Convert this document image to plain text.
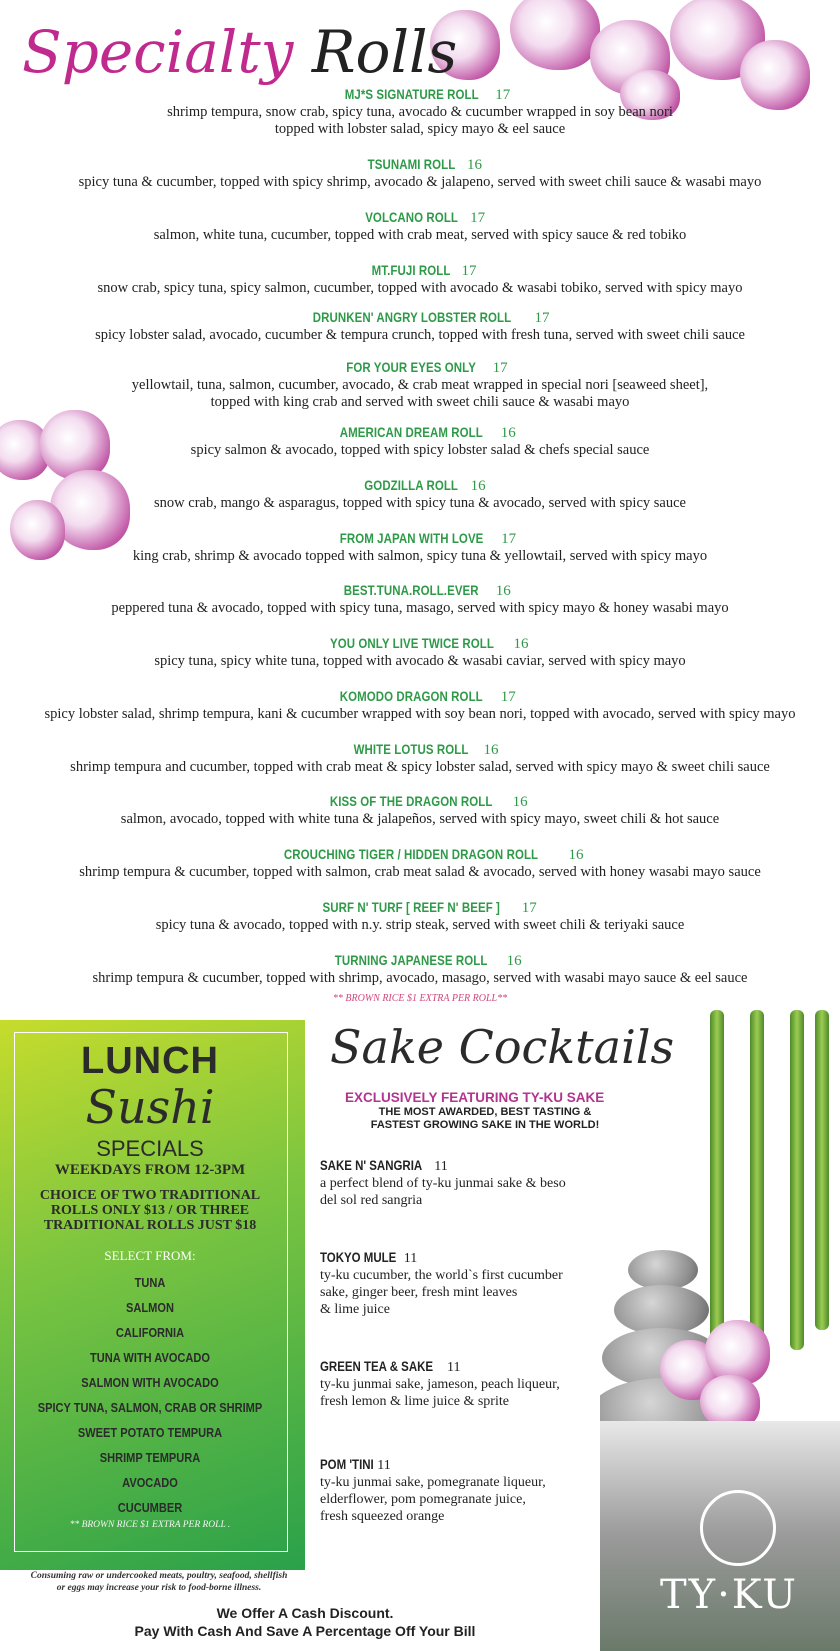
Specialty Rolls
MJ*S SIGNATURE ROLL 17
shrimp tempura, snow crab, spicy tuna, avocado & cucumber wrapped in soy bean nori
topped with lobster salad, spicy mayo & eel sauce
TSUNAMI ROLL 16
spicy tuna & cucumber, topped with spicy shrimp, avocado & jalapeno, served with sweet chili sauce & wasabi mayo
VOLCANO ROLL 17
salmon, white tuna, cucumber, topped with crab meat, served with spicy sauce & red tobiko
MT.FUJI ROLL 17
snow crab, spicy tuna, spicy salmon, cucumber, topped with avocado & wasabi tobiko, served with spicy mayo
DRUNKEN' ANGRY LOBSTER ROLL 17
spicy lobster salad, avocado, cucumber & tempura crunch, topped with fresh tuna, served with sweet chili sauce
FOR YOUR EYES ONLY 17
yellowtail, tuna, salmon, cucumber, avocado, & crab meat wrapped in special nori [seaweed sheet],
topped with king crab and served with sweet chili sauce & wasabi mayo
AMERICAN DREAM ROLL 16
spicy salmon & avocado, topped with spicy lobster salad & chefs special sauce
GODZILLA ROLL 16
snow crab, mango & asparagus, topped with spicy tuna & avocado, served with spicy sauce
FROM JAPAN WITH LOVE 17
king crab, shrimp & avocado topped with salmon, spicy tuna & yellowtail, served with spicy mayo
BEST.TUNA.ROLL.EVER 16
peppered tuna & avocado, topped with spicy tuna, masago, served with spicy mayo & honey wasabi mayo
YOU ONLY LIVE TWICE ROLL 16
spicy tuna, spicy white tuna, topped with avocado & wasabi caviar, served with spicy mayo
KOMODO DRAGON ROLL 17
spicy lobster salad, shrimp tempura, kani & cucumber wrapped with soy bean nori, topped with avocado, served with spicy mayo
WHITE LOTUS ROLL 16
shrimp tempura and cucumber, topped with crab meat & spicy lobster salad, served with spicy mayo & sweet chili sauce
KISS OF THE DRAGON ROLL 16
salmon, avocado, topped with white tuna & jalapeños, served with spicy mayo, sweet chili & hot sauce
CROUCHING TIGER / HIDDEN DRAGON ROLL 16
shrimp tempura & cucumber, topped with salmon, crab meat salad & avocado, served with honey wasabi mayo sauce
SURF N' TURF [ REEF N' BEEF ] 17
spicy tuna & avocado, topped with n.y. strip steak, served with sweet chili & teriyaki sauce
TURNING JAPANESE ROLL 16
shrimp tempura & cucumber, topped with shrimp, avocado, masago, served with wasabi mayo sauce & eel sauce
** BROWN RICE $1 EXTRA PER ROLL**
LUNCH
Sushi
SPECIALS
WEEKDAYS FROM 12-3PM
CHOICE OF TWO TRADITIONAL
ROLLS ONLY $13 / OR THREE
TRADITIONAL ROLLS JUST $18
SELECT FROM:
TUNA
SALMON
CALIFORNIA
TUNA WITH AVOCADO
SALMON WITH AVOCADO
SPICY TUNA, SALMON, CRAB OR SHRIMP
SWEET POTATO TEMPURA
SHRIMP TEMPURA
AVOCADO
CUCUMBER
** BROWN RICE $1 EXTRA PER ROLL .
Consuming raw or undercooked meats, poultry, seafood, shellfish
or eggs may increase your risk to food-borne illness.
We Offer A Cash Discount.
Pay With Cash And Save A Percentage Off Your Bill
TY·KU
Sake Cocktails
EXCLUSIVELY FEATURING TY-KU SAKE
THE MOST AWARDED, BEST TASTING &
FASTEST GROWING SAKE IN THE WORLD!
SAKE N' SANGRIA 11
a perfect blend of ty-ku junmai sake & beso
del sol red sangria
TOKYO MULE 11
ty-ku cucumber, the world`s first cucumber
sake, ginger beer, fresh mint leaves
& lime juice
GREEN TEA & SAKE 11
ty-ku junmai sake, jameson, peach liqueur,
fresh lemon & lime juice & sprite
POM 'TINI 11
ty-ku junmai sake, pomegranate liqueur,
elderflower, pom pomegranate juice,
fresh squeezed orange
